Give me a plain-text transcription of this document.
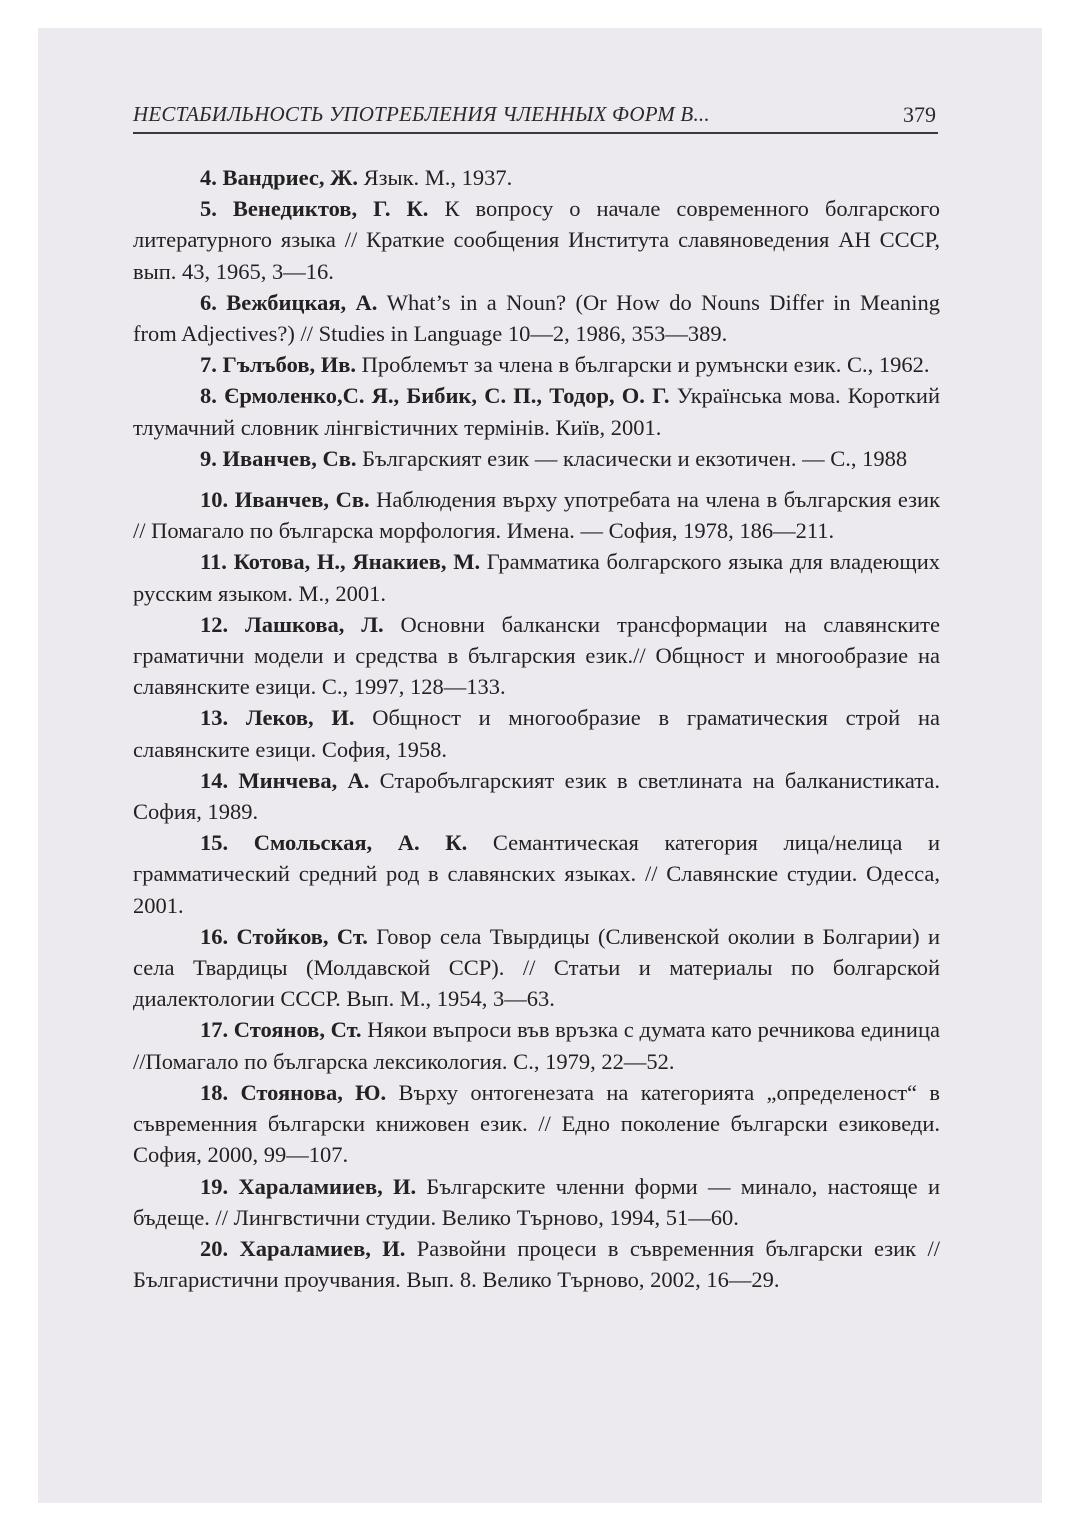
НЕСТАБИЛЬНОСТЬ УПОТРЕБЛЕНИЯ ЧЛЕННЫХ ФОРМ В...	379

4. Вандриес, Ж. Язык. М., 1937.

5. Венедиктов, Г. К. К вопросу о начале современного болгарского литературного языка // Краткие сообщения Института славяноведения АН СССР, вып. 43, 1965, 3—16.

6. Вежбицкая, А. What’s in a Noun? (Or How do Nouns Differ in Meaning from Adjectives?) // Studies in Language 10—2, 1986, 353—389.

7. Гълъбов, Ив. Проблемът за члена в български и румънски език. С., 1962.

8. Єрмоленко,С. Я., Бибик, С. П., Тодор, О. Г. Українська мова. Короткий тлумачний словник лінгвістичних термінів. Київ, 2001.

9. Иванчев, Св. Българският език — класически и екзотичен. — С., 1988

10. Иванчев, Св. Наблюдения върху употребата на члена в българския език // Помагало по българска морфология. Имена. — София, 1978, 186—211.

11. Котова, Н., Янакиев, М. Грамматика болгарского языка для владеющих русским языком. М., 2001.

12. Лашкова, Л. Основни балкански трансформации на славянските граматични модели и средства в българския език.// Общност и многообразие на славянските езици. С., 1997, 128—133.

13. Леков, И. Общност и многообразие в граматическия строй на славянските езици. София, 1958.

14. Минчева, А. Старобългарският език в светлината на балканистиката. София, 1989.

15. Смольская, А. К. Семантическая категория лица/нелица и грамматический средний род в славянских языках. // Славянские студии. Одесса, 2001.

16. Стойков, Ст. Говор села Твырдицы (Сливенской околии в Болгарии) и села Твардицы (Молдавской ССР). // Статьи и материалы по болгарской диалектологии СССР. Вып. М., 1954, 3—63.

17. Стоянов, Ст. Някои въпроси във връзка с думата като речникова единица //Помагало по българска лексикология. С., 1979, 22—52.

18. Стоянова, Ю. Върху онтогенезата на категорията „определеност“ в съвременния български книжовен език. // Едно поколение български езиковеди. София, 2000, 99—107.

19. Хараламииев, И. Българските членни форми — минало, настояще и бъдеще. // Лингвстични студии. Велико Търново, 1994, 51—60.

20. Хараламиев, И. Развойни процеси в съвременния български език // Българистични проучвания. Вып. 8. Велико Търново, 2002, 16—29.
